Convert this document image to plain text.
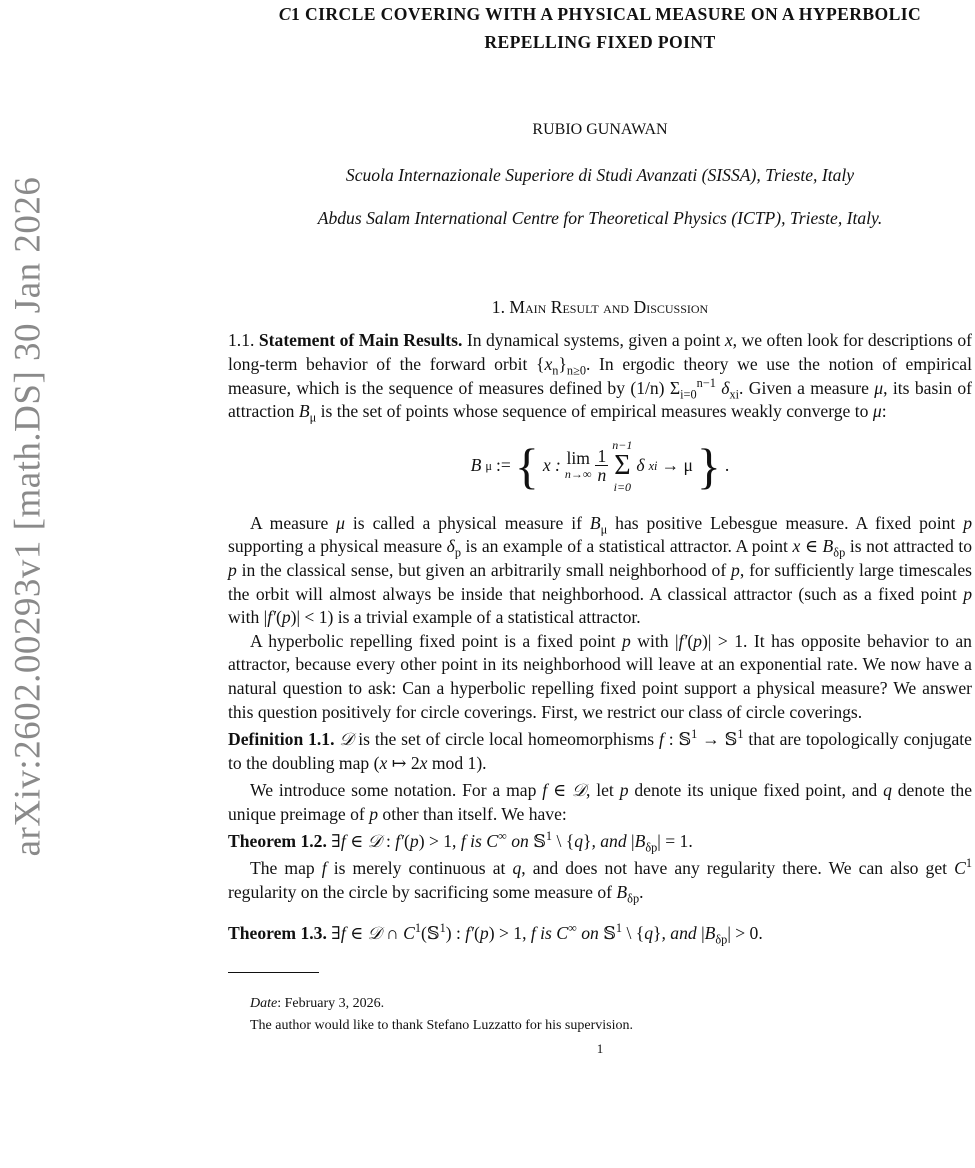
arXiv:2602.00293v1 [math.DS] 30 Jan 2026
C1 CIRCLE COVERING WITH A PHYSICAL MEASURE ON A HYPERBOLIC REPELLING FIXED POINT
RUBIO GUNAWAN
Scuola Internazionale Superiore di Studi Avanzati (SISSA), Trieste, Italy
Abdus Salam International Centre for Theoretical Physics (ICTP), Trieste, Italy.
1. Main Result and Discussion
1.1. Statement of Main Results. In dynamical systems, given a point x, we often look for descriptions of long-term behavior of the forward orbit $\{x_n\}_{n\ge 0}$. In ergodic theory we use the notion of empirical measure, which is the sequence of measures defined by (1/n) $\Sigma_{i=0}^{n-1}$ $\delta_{xi}$. Given a measure μ, its basin of attraction $B_\mu$ is the set of points whose sequence of empirical measures weakly converge to μ:
B μ := { x : lim
$n\to\infty \frac{1}{n}$
n−1
Σ
i=0
δ xi → μ } .
A measure μ is called a physical measure if $B_\mu$ has positive Lebesgue measure. A fixed point p supporting a physical measure $\delta_p$ is an example of a statistical attractor. A point x ∈ $B_{\delta p}$ is not attracted to p in the classical sense, but given an arbitrarily small neighborhood of p, for sufficiently large timescales the orbit will almost always be inside that neighborhood. A classical attractor (such as a fixed point p with |f′(p)| < 1) is a trivial example of a statistical attractor.
A hyperbolic repelling fixed point is a fixed point p with |f′(p)| > 1. It has opposite behavior to an attractor, because every other point in its neighborhood will leave at an exponential rate. We now have a natural question to ask: Can a hyperbolic repelling fixed point support a physical measure? We answer this question positively for circle coverings. First, we restrict our class of circle coverings.
Definition 1.1. 𝒟 is the set of circle local homeomorphisms f : 𝕊$^1$ → 𝕊$^1$ that are topologically conjugate to the doubling map (x ↦ 2x mod 1).
We introduce some notation. For a map f ∈ 𝒟, let p denote its unique fixed point, and q denote the unique preimage of p other than itself. We have:
Theorem 1.2. ∃f ∈ 𝒟 : f′(p) > 1, f is C∞ on 𝕊$^1$ \ {q}, and $|B_{\delta p}| = 1$.
The map f is merely continuous at q, and does not have any regularity there. We can also get $C^1$ regularity on the circle by sacrificing some measure of $B_{\delta p}$.
Theorem 1.3. ∃f ∈ 𝒟 ∩ $C^1(𝕊^1)$ : f′(p) > 1, f is C∞ on 𝕊$^1$ \ {q}, and $|B_{\delta p}| > 0$.
Date: February 3, 2026.
The author would like to thank Stefano Luzzatto for his supervision.
1
